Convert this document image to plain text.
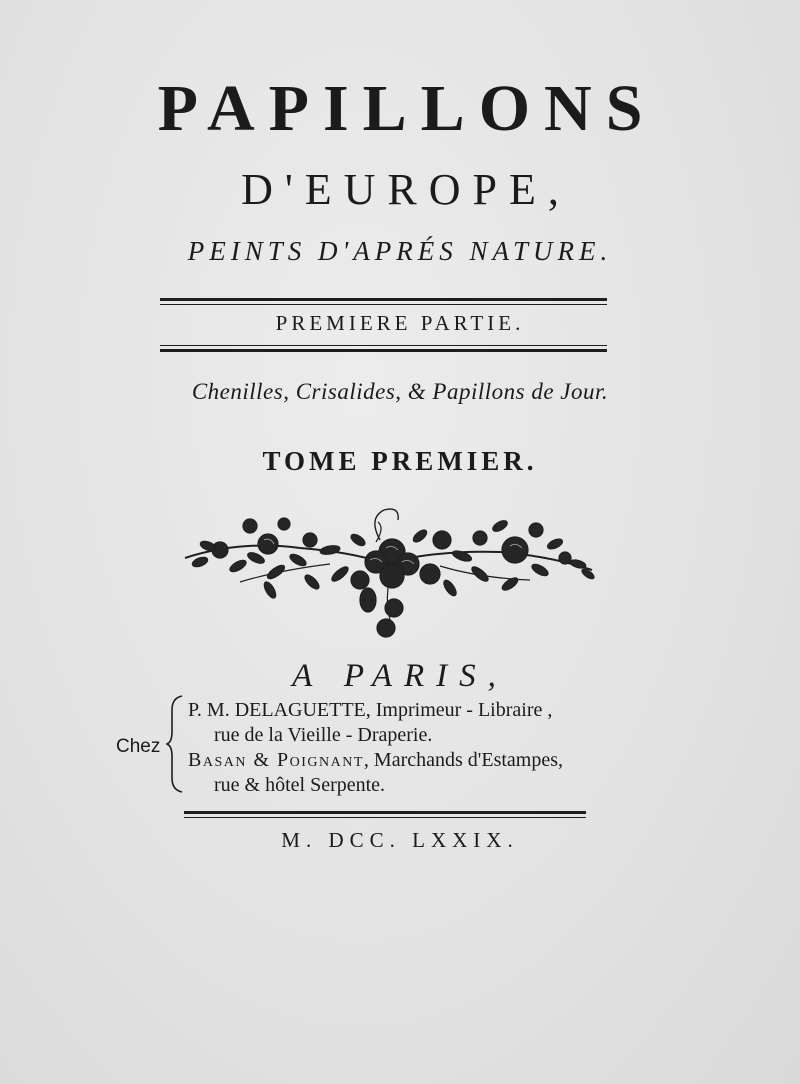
PAPILLONS
D'EUROPE,
PEINTS D'APRÉS NATURE.
PREMIERE PARTIE.
Chenilles, Crisalides, & Papillons de Jour.
TOME PREMIER.
A PARIS,
Chez
P. M. DELAGUETTE, Imprimeur - Libraire ,
rue de la Vieille - Draperie.
Basan & Poignant, Marchands d'Estampes,
rue & hôtel Serpente.
M. DCC. LXXIX.
